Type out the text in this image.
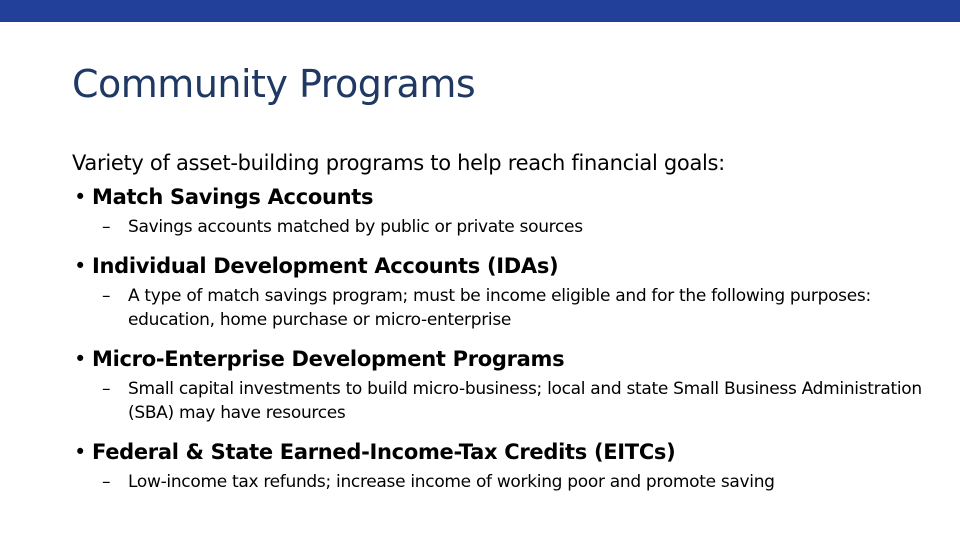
Community Programs
Variety of asset-building programs to help reach financial goals:
• Match Savings Accounts
– Savings accounts matched by public or private sources
• Individual Development Accounts (IDAs)
– A type of match savings program; must be income eligible and for the following purposes: education, home purchase or micro-enterprise
• Micro-Enterprise Development Programs
– Small capital investments to build micro-business; local and state Small Business Administration (SBA) may have resources
• Federal & State Earned-Income-Tax Credits (EITCs)
– Low-income tax refunds; increase income of working poor and promote saving
